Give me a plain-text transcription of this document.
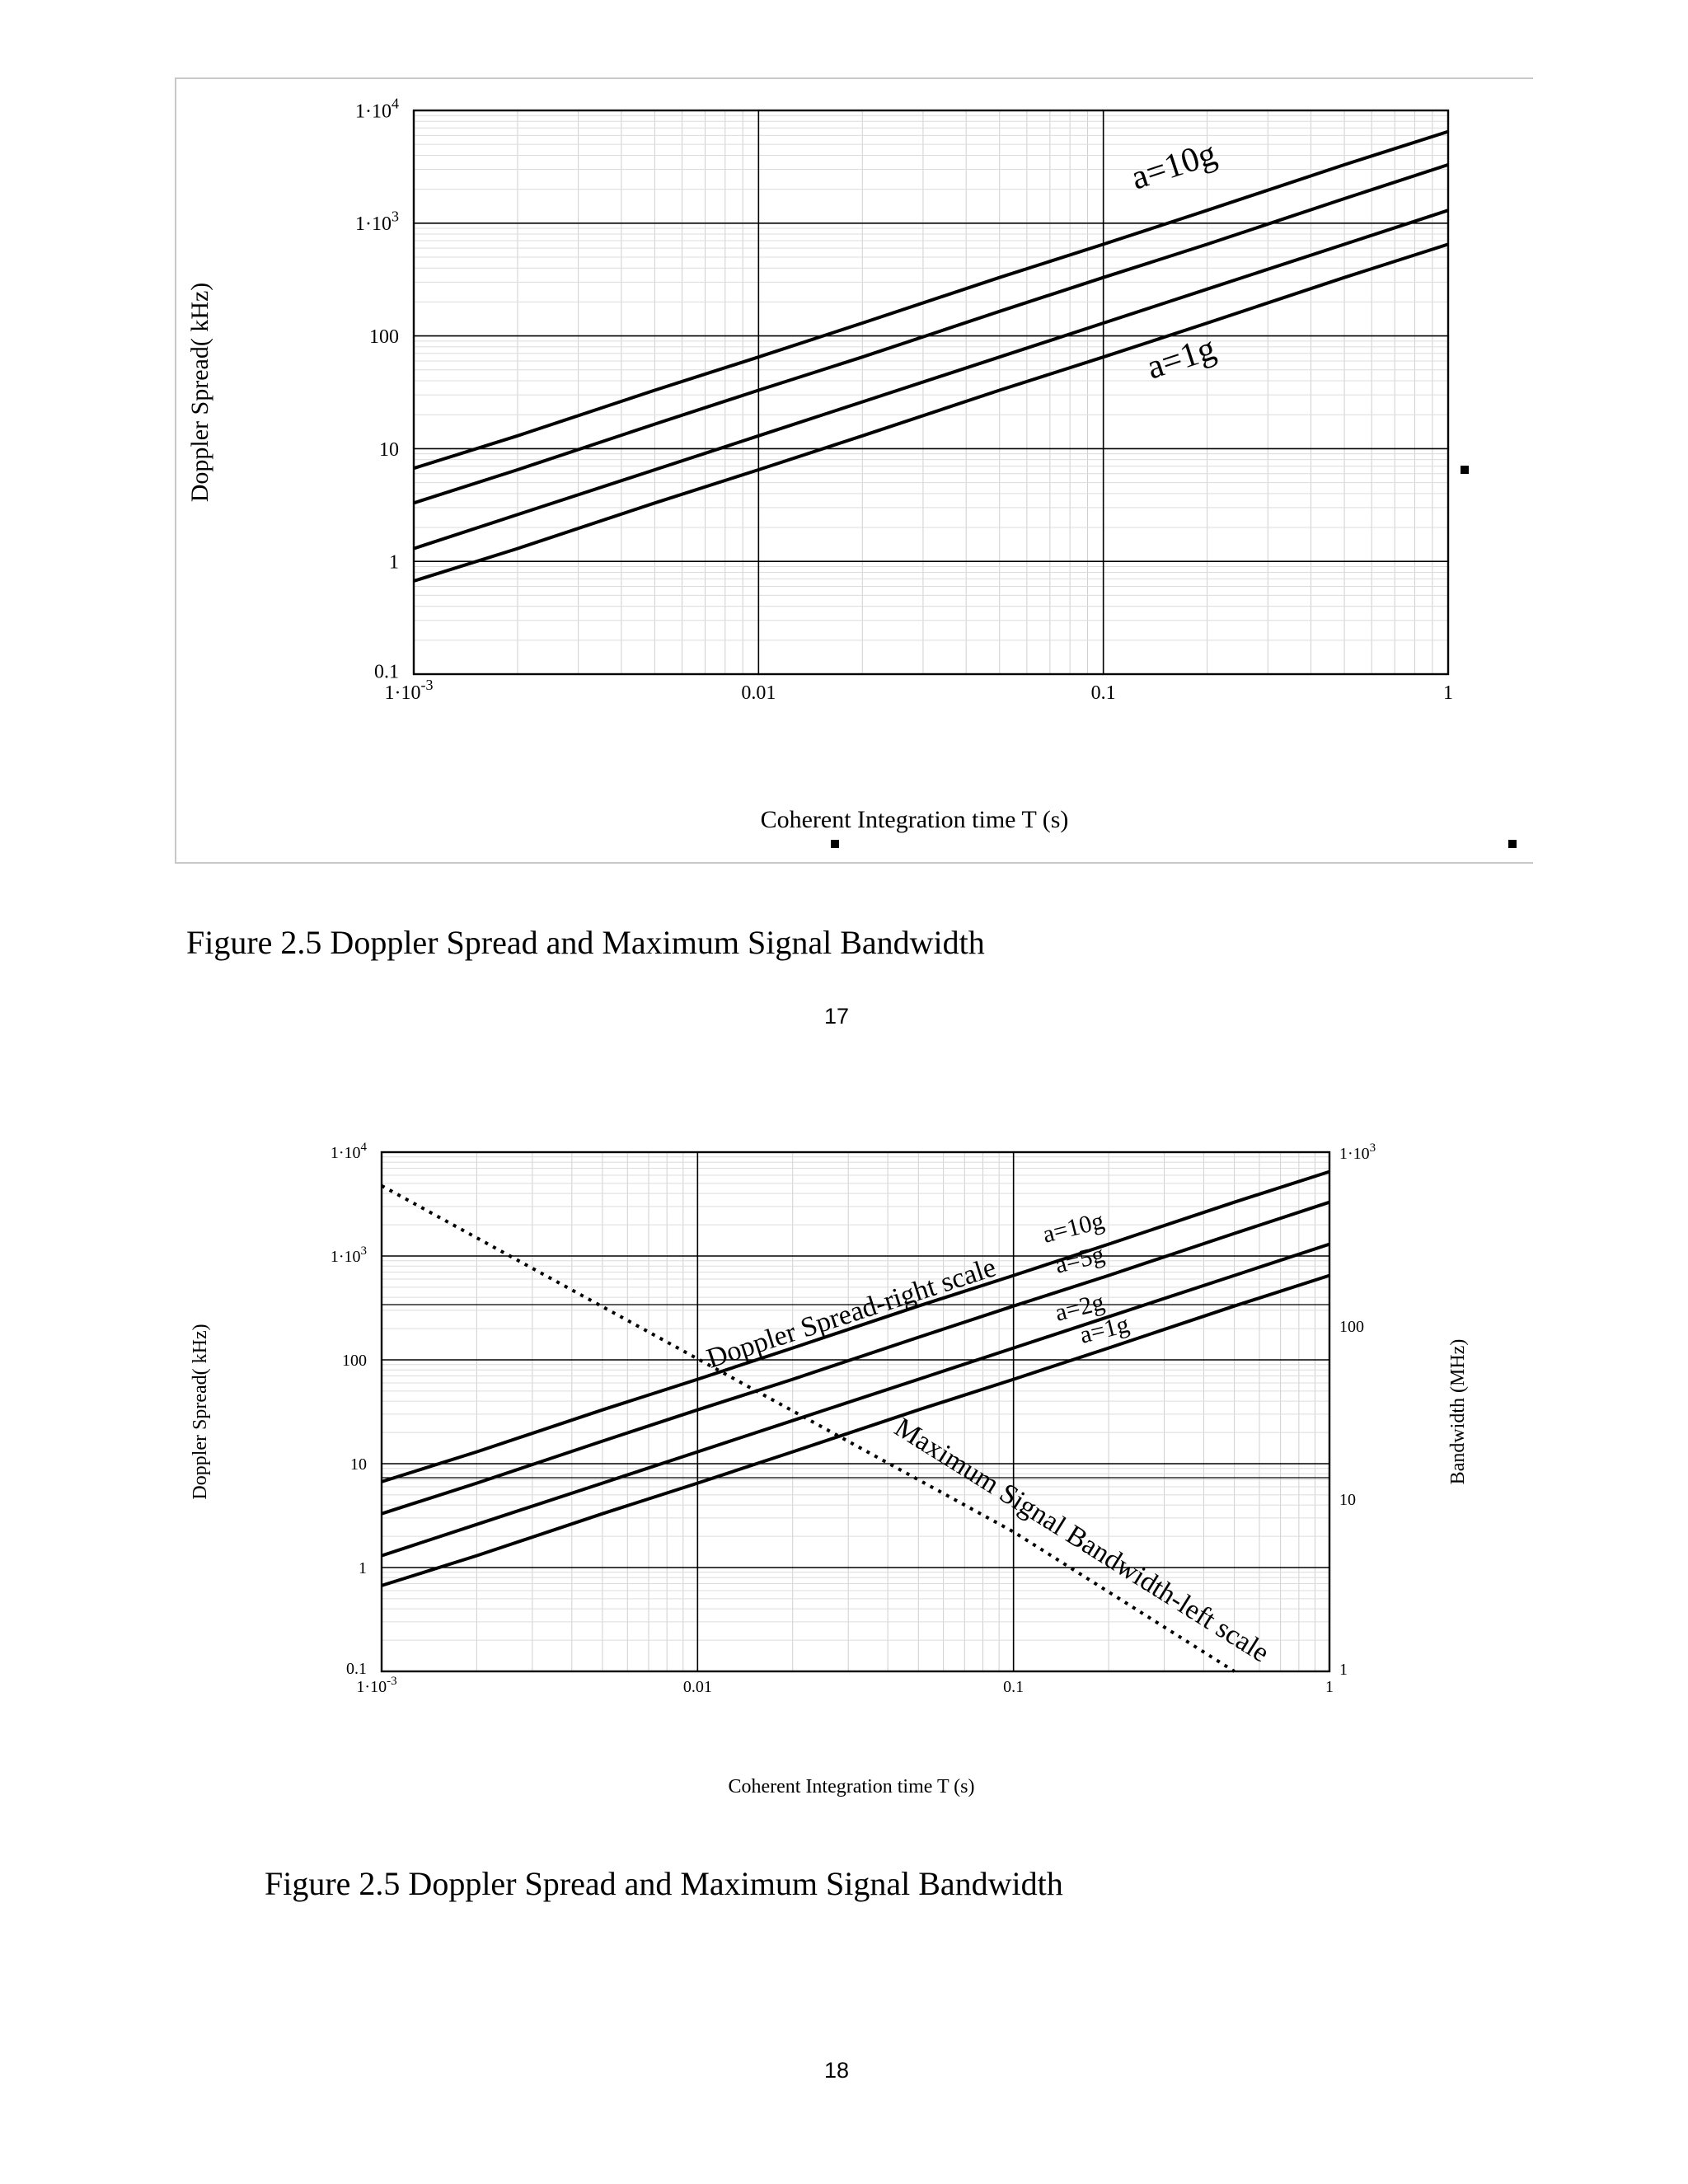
0.1
1
10
100
$1\cdot 10^3$
$1\cdot 10^4$
$1\cdot 10^{-3}$	0.01	0.1	1
Coherent Integration time T (s)
Doppler Spread( kHz)
a=10g
a=1g
Figure 2.5 Doppler Spread and Maximum Signal Bandwidth
17
0.1
1
10
100
$1\cdot 10^3$
$1\cdot 10^4$
$1\cdot 10^{-3}$	0.01	0.1	1
Coherent Integration time T (s)
Doppler Spread( kHz)
1
10
100
$1\cdot 10^3$
Bandwidth (MHz)
a=10g
a=5g
a=2g
a=1g
Doppler Spread-right scale
Maximum Signal Bandwidth-left scale
Figure 2.5 Doppler Spread and Maximum Signal Bandwidth
18
